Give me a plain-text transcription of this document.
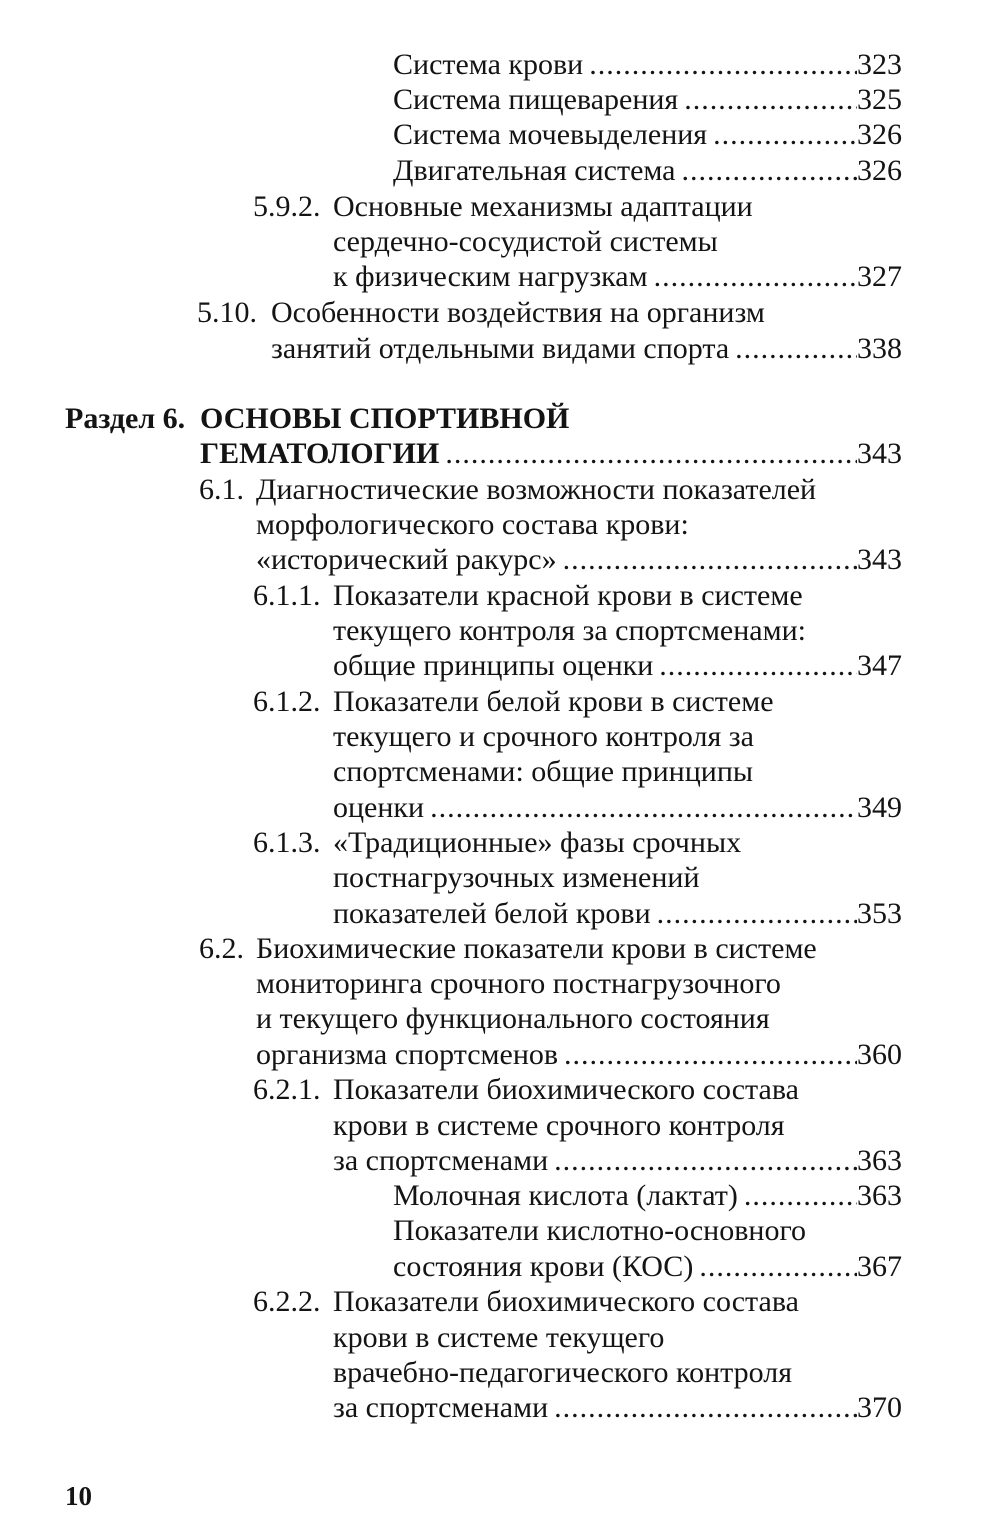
Система крови .....	323
Система пищеварения .....	325
Система мочевыделения .....	326
Двигательная система .....	326
5.9.2. Основные механизмы адаптации
сердечно-сосудистой системы
к физическим нагрузкам .....	327
5.10. Особенности воздействия на организм
занятий отдельными видами спорта .....	338
Раздел 6. ОСНОВЫ СПОРТИВНОЙ
ГЕМАТОЛОГИИ .....	343
6.1. Диагностические возможности показателей
морфологического состава крови:
«исторический ракурс» .....	343
6.1.1. Показатели красной крови в системе
текущего контроля за спортсменами:
общие принципы оценки .....	347
6.1.2. Показатели белой крови в системе
текущего и срочного контроля за
спортсменами: общие принципы
оценки .....	349
6.1.3. «Традиционные» фазы срочных
постнагрузочных изменений
показателей белой крови .....	353
6.2. Биохимические показатели крови в системе
мониторинга срочного постнагрузочного
и текущего функционального состояния
организма спортсменов .....	360
6.2.1. Показатели биохимического состава
крови в системе срочного контроля
за спортсменами .....	363
Молочная кислота (лактат) .....	363
Показатели кислотно-основного
состояния крови (КОС) .....	367
6.2.2. Показатели биохимического состава
крови в системе текущего
врачебно-педагогического контроля
за спортсменами .....	370
10
